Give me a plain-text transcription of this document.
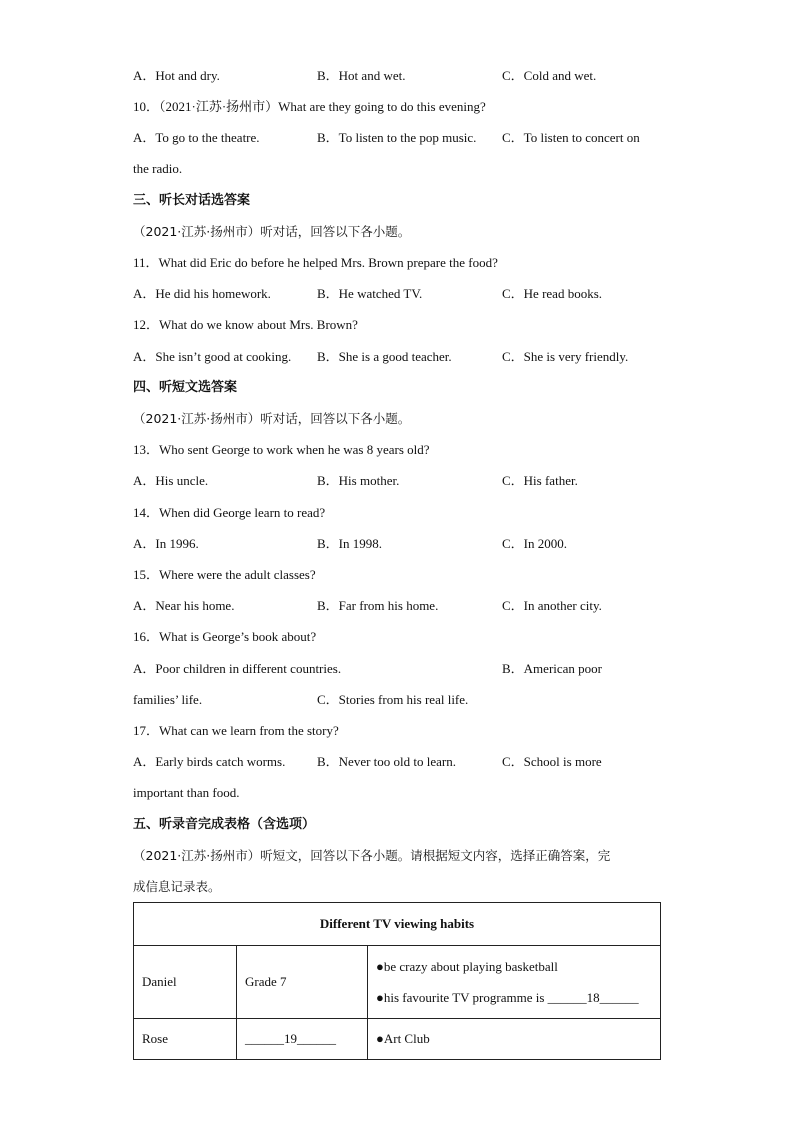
A．Hot and dry.	B．Hot and wet.	C．Cold and wet.
10．（2021·江苏·扬州市）What are they going to do this evening?
A．To go to the theatre.	B．To listen to the pop music. C．To listen to concert on
the radio.
三、听长对话选答案
（2021·江苏·扬州市）听对话，回答以下各小题。
11．What did Eric do before he helped Mrs. Brown prepare the food?
A．He did his homework.	B．He watched TV.	C．He read books.
12．What do we know about Mrs. Brown?
A．She isn’t good at cooking. B．She is a good teacher.	C．She is very friendly.
四、听短文选答案
（2021·江苏·扬州市）听对话，回答以下各小题。
13．Who sent George to work when he was 8 years old?
A．His uncle.	B．His mother.	C．His father.
14．When did George learn to read?
A．In 1996.	B．In 1998.	C．In 2000.
15．Where were the adult classes?
A．Near his home.	B．Far from his home.	C．In another city.
16．What is George’s book about?
A．Poor children in different countries.	B．American poor
families’ life.	C．Stories from his real life.
17．What can we learn from the story?
A．Early birds catch worms. B．Never too old to learn.	C．School is more
important than food.
五、听录音完成表格（含选项）
（2021·江苏·扬州市）听短文，回答以下各小题。请根据短文内容，选择正确答案，完
成信息记录表。
Different TV viewing habits		
Daniel	Grade 7	●be crazy about playing basketball
●his favourite TV programme is ______18______

Rose	______19______	●Art Club
